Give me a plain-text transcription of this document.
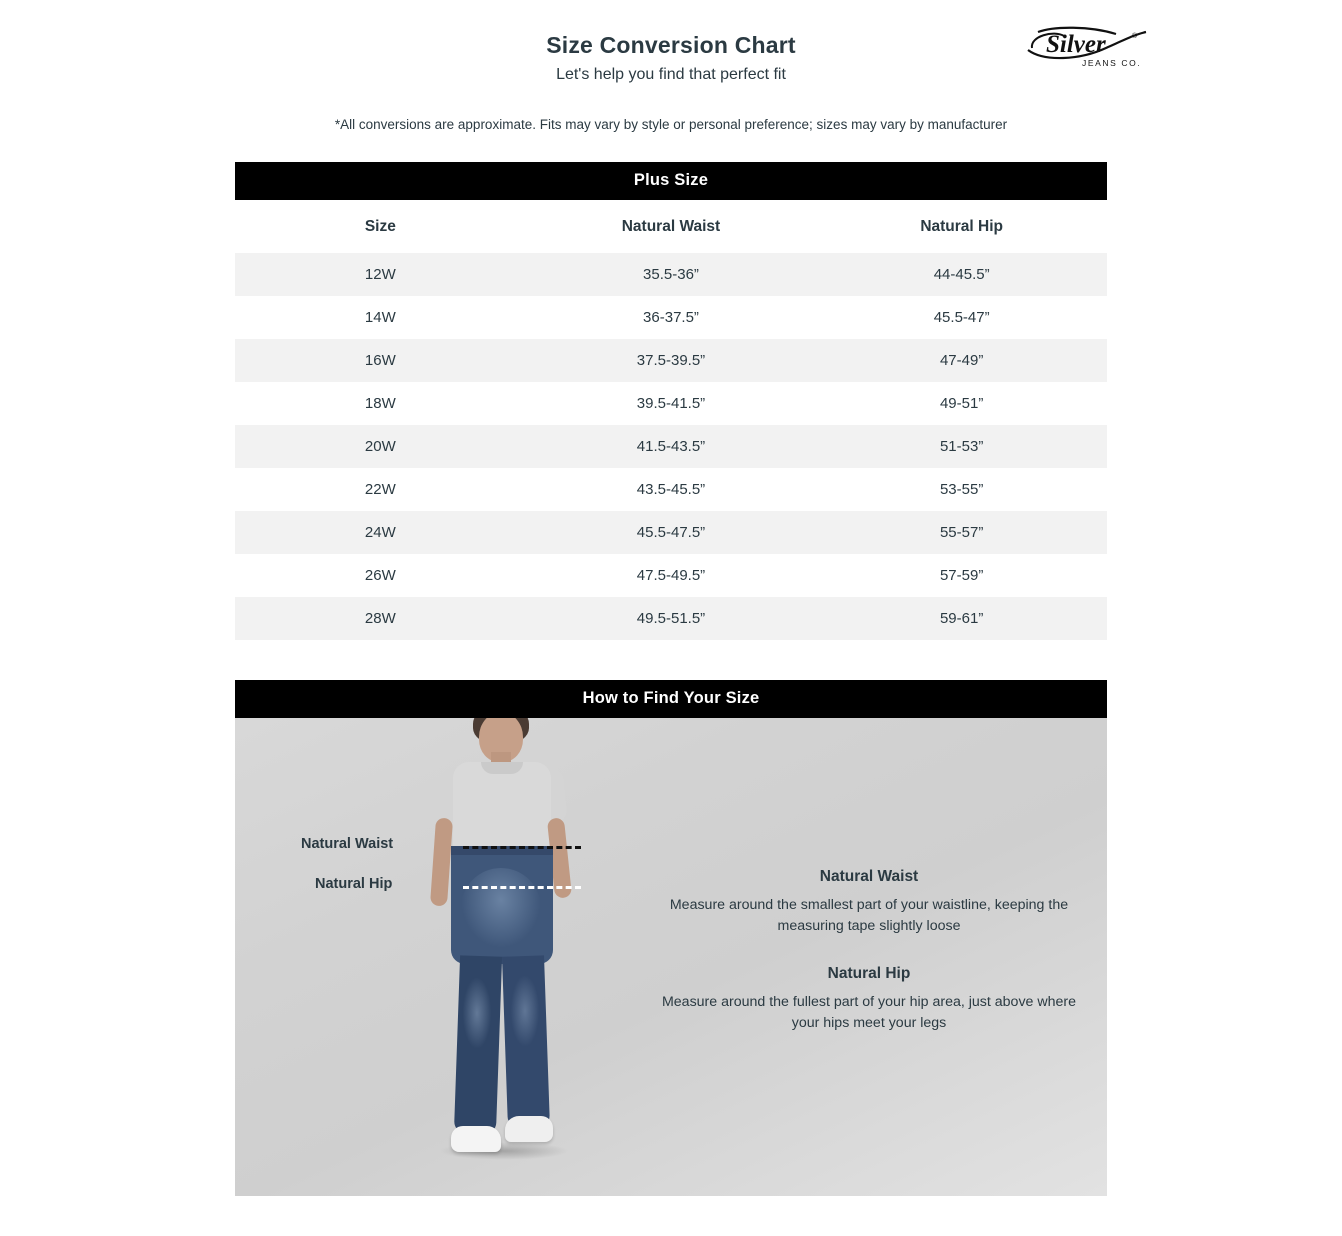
Size Conversion Chart

Let's help you find that perfect fit

*All conversions are approximate. Fits may vary by style or personal preference; sizes may vary by manufacturer

Silver	®
JEANS CO.
Plus Size
Size	Natural Waist	Natural Hip
12W	35.5-36”	44-45.5”
14W	36-37.5”	45.5-47”
16W	37.5-39.5”	47-49”
18W	39.5-41.5”	49-51”
20W	41.5-43.5”	51-53”
22W	43.5-45.5”	53-55”
24W	45.5-47.5”	55-57”
26W	47.5-49.5”	57-59”
28W	49.5-51.5”	59-61”
How to Find Your Size
Natural Waist
Natural Hip	Natural Waist

Measure around the smallest part of your waistline, keeping the measuring tape slightly loose

Natural Hip

Measure around the fullest part of your hip area, just above where your hips meet your legs
